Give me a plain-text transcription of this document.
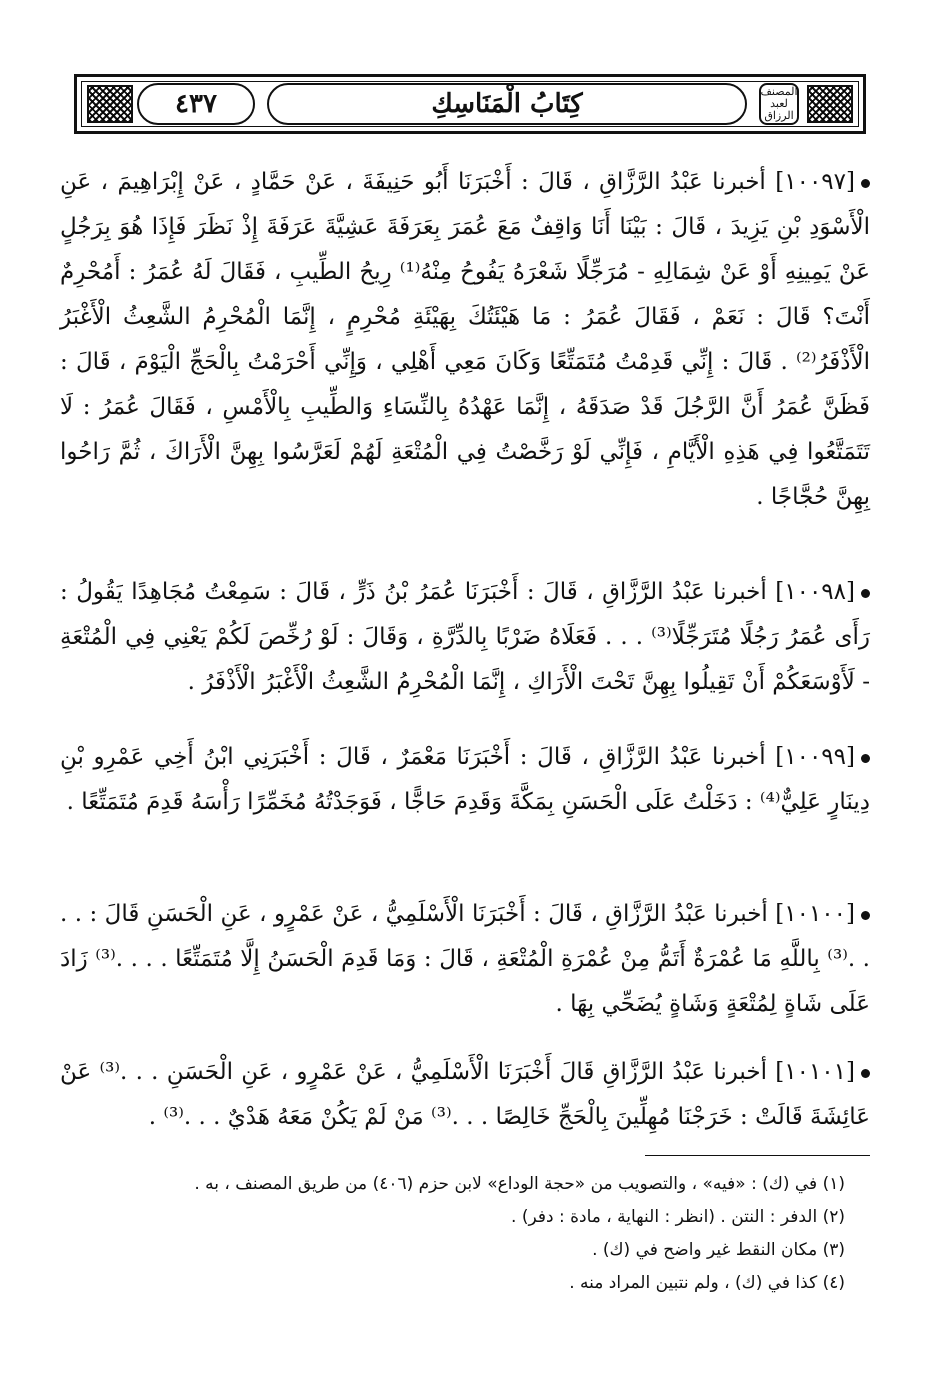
٤٣٧	كِتَابُ الْمَنَاسِكِ	المصنف لعبد الرزاق
[١٠٠٩٧] أخبرنا عَبْدُ الرَّزَّاقِ ، قَالَ : أَخْبَرَنَا أَبُو حَنِيفَةَ ، عَنْ حَمَّادٍ ، عَنْ إِبْرَاهِيمَ ، عَنِ الْأَسْوَدِ بْنِ يَزِيدَ ، قَالَ : بَيْنَا أَنَا وَاقِفٌ مَعَ عُمَرَ بِعَرَفَةَ عَشِيَّةَ عَرَفَةَ إِذْ نَظَرَ فَإِذَا هُوَ بِرَجُلٍ عَنْ يَمِينِهِ أَوْ عَنْ شِمَالِهِ - مُرَجِّلًا شَعْرَهُ يَفُوحُ مِنْهُ⁽¹⁾ رِيحُ الطِّيبِ ، فَقَالَ لَهُ عُمَرُ : أَمُحْرِمٌ أَنْتَ؟ قَالَ : نَعَمْ ، فَقَالَ عُمَرُ : مَا هَيْئَتُكَ بِهَيْئَةِ مُحْرِمٍ ، إِنَّمَا الْمُحْرِمُ الشَّعِثُ الْأَغْبَرُ الْأَذْفَرُ⁽²⁾ . قَالَ : إِنِّي قَدِمْتُ مُتَمَتِّعًا وَكَانَ مَعِي أَهْلِي ، وَإِنِّي أَحْرَمْتُ بِالْحَجِّ الْيَوْمَ ، قَالَ : فَظَنَّ عُمَرُ أَنَّ الرَّجُلَ قَدْ صَدَقَهُ ، إِنَّمَا عَهْدُهُ بِالنِّسَاءِ وَالطِّيبِ بِالْأَمْسِ ، فَقَالَ عُمَرُ : لَا تَتَمَتَّعُوا فِي هَذِهِ الْأَيَّامِ ، فَإِنِّي لَوْ رَخَّصْتُ فِي الْمُتْعَةِ لَهُمْ لَعَرَّسُوا بِهِنَّ الْأَرَاكَ ، ثُمَّ رَاحُوا بِهِنَّ حُجَّاجًا .
[١٠٠٩٨] أخبرنا عَبْدُ الرَّزَّاقِ ، قَالَ : أَخْبَرَنَا عُمَرُ بْنُ ذَرٍّ ، قَالَ : سَمِعْتُ مُجَاهِدًا يَقُولُ : رَأَى عُمَرُ رَجُلًا مُتَرَجِّلًا⁽³⁾ . . . فَعَلَاهُ ضَرْبًا بِالدِّرَّةِ ، وَقَالَ : لَوْ رُخِّصَ لَكُمْ يَعْنِي فِي الْمُتْعَةِ - لَأَوْسَعَكُمْ أَنْ تَقِيلُوا بِهِنَّ تَحْتَ الْأَرَاكِ ، إِنَّمَا الْمُحْرِمُ الشَّعِثُ الْأَغْبَرُ الْأَذْفَرُ .
[١٠٠٩٩] أخبرنا عَبْدُ الرَّزَّاقِ ، قَالَ : أَخْبَرَنَا مَعْمَرٌ ، قَالَ : أَخْبَرَنِي ابْنُ أَخِي عَمْرِو بْنِ دِينَارٍ عَلِيٌّ⁽⁴⁾ : دَخَلْتُ عَلَى الْحَسَنِ بِمَكَّةَ وَقَدِمَ حَاجًّا ، فَوَجَدْتُهُ مُخَمِّرًا رَأْسَهُ قَدِمَ مُتَمَتِّعًا .
[١٠١٠٠] أخبرنا عَبْدُ الرَّزَّاقِ ، قَالَ : أَخْبَرَنَا الْأَسْلَمِيُّ ، عَنْ عَمْرٍو ، عَنِ الْحَسَنِ قَالَ : . . . .⁽³⁾ بِاللَّهِ مَا عُمْرَةٌ أَتَمُّ مِنْ عُمْرَةِ الْمُتْعَةِ ، قَالَ : وَمَا قَدِمَ الْحَسَنُ إِلَّا مُتَمَتِّعًا . . . .⁽³⁾ زَادَ عَلَى شَاةٍ لِمُتْعَةٍ وَشَاةٍ يُضَحِّي بِهَا .
[١٠١٠١] أخبرنا عَبْدُ الرَّزَّاقِ قَالَ أَخْبَرَنَا الْأَسْلَمِيُّ ، عَنْ عَمْرٍو ، عَنِ الْحَسَنِ . . .⁽³⁾ عَنْ عَائِشَةَ قَالَتْ : خَرَجْنَا مُهِلِّينَ بِالْحَجِّ خَالِصًا . . .⁽³⁾ مَنْ لَمْ يَكُنْ مَعَهُ هَدْيٌ . . .⁽³⁾ .
(١) في (ك) : «فيه» ، والتصويب من «حجة الوداع» لابن حزم (٤٠٦) من طريق المصنف ، به .
(٢) الدفر : النتن . (انظر : النهاية ، مادة : دفر) .
(٣) مكان النقط غير واضح في (ك) .
(٤) كذا في (ك) ، ولم نتبين المراد منه .
